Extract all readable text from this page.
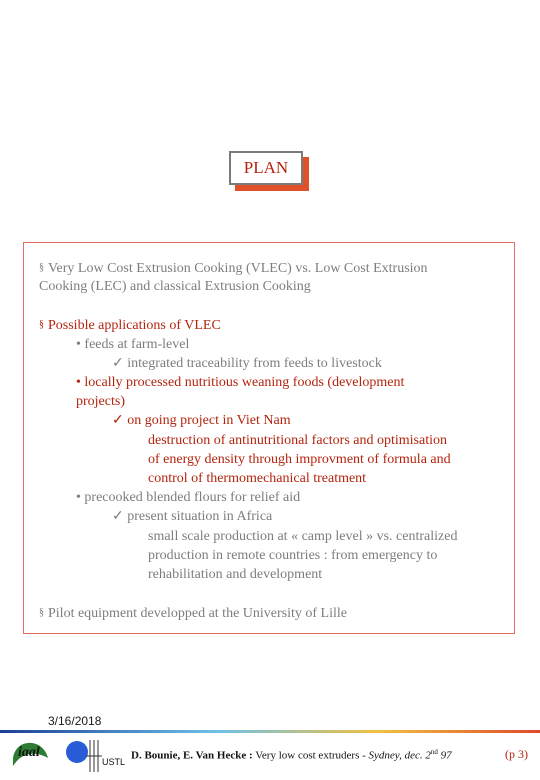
PLAN
§ Very Low Cost Extrusion Cooking (VLEC) vs. Low Cost Extrusion
Cooking (LEC) and classical Extrusion Cooking
§ Possible applications of VLEC
• feeds at farm-level
✓ integrated traceability from feeds to livestock
• locally processed nutritious weaning foods (development
projects)
✓ on going project in Viet Nam
destruction of antinutritional factors and optimisation
of energy density through improvment of formula and
control of thermomechanical treatment
• precooked blended flours for relief aid
✓ present situation in Africa
small scale production at « camp level » vs. centralized
production in remote countries : from emergency to
rehabilitation and development
§ Pilot equipment developped at the University of Lille
3/16/2018
iaal
USTL
D. Bounie, E. Van Hecke : Very low cost extruders - Sydney, dec. 2nd 97	(p 3)
